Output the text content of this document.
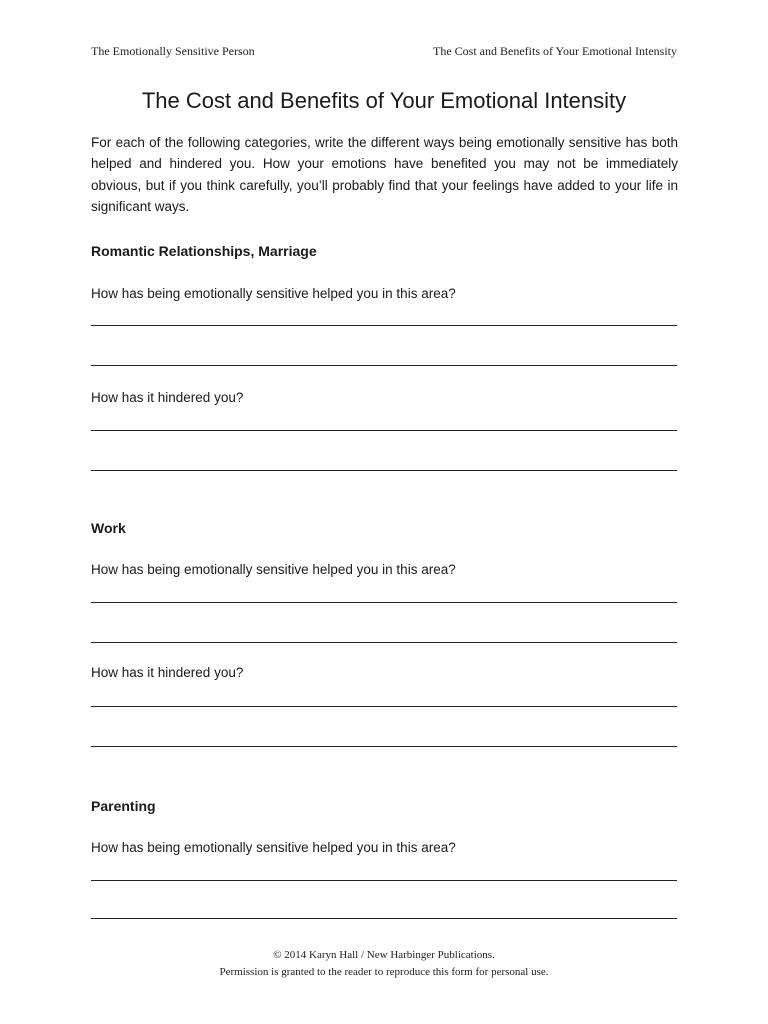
The Emotionally Sensitive Person	The Cost and Benefits of Your Emotional Intensity
The Cost and Benefits of Your Emotional Intensity

For each of the following categories, write the different ways being emotionally sensitive has both helped and hindered you. How your emotions have benefited you may not be immediately obvious, but if you think carefully, you’ll probably find that your feelings have added to your life in significant ways.

Romantic Relationships, Marriage

How has being emotionally sensitive helped you in this area?

How has it hindered you?

Work

How has being emotionally sensitive helped you in this area?

How has it hindered you?

Parenting

How has being emotionally sensitive helped you in this area?

© 2014 Karyn Hall / New Harbinger Publications.
Permission is granted to the reader to reproduce this form for personal use.
